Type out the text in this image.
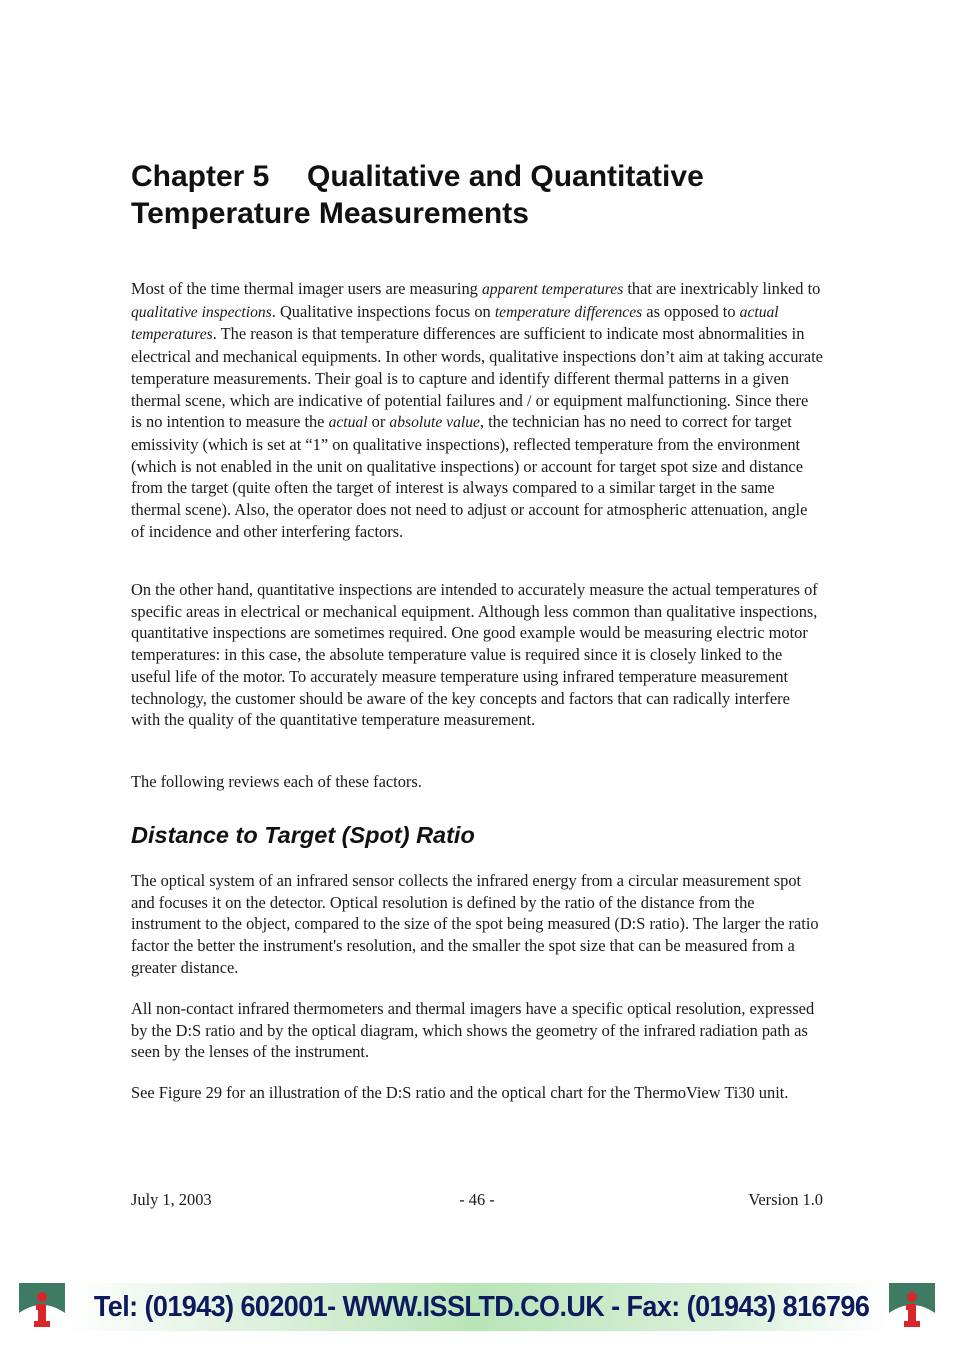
Chapter 5 Qualitative and Quantitative
Temperature Measurements

Most of the time thermal imager users are measuring apparent temperatures that are inextricably linked to qualitative inspections. Qualitative inspections focus on temperature differences as opposed to actual temperatures. The reason is that temperature differences are sufficient to indicate most abnormalities in electrical and mechanical equipments. In other words, qualitative inspections don’t aim at taking accurate temperature measurements. Their goal is to capture and identify different thermal patterns in a given thermal scene, which are indicative of potential failures and / or equipment malfunctioning. Since there is no intention to measure the actual or absolute value, the technician has no need to correct for target emissivity (which is set at “1” on qualitative inspections), reflected temperature from the environment (which is not enabled in the unit on qualitative inspections) or account for target spot size and distance from the target (quite often the target of interest is always compared to a similar target in the same thermal scene). Also, the operator does not need to adjust or account for atmospheric attenuation, angle of incidence and other interfering factors.

On the other hand, quantitative inspections are intended to accurately measure the actual temperatures of specific areas in electrical or mechanical equipment. Although less common than qualitative inspections, quantitative inspections are sometimes required. One good example would be measuring electric motor temperatures: in this case, the absolute temperature value is required since it is closely linked to the useful life of the motor. To accurately measure temperature using infrared temperature measurement technology, the customer should be aware of the key concepts and factors that can radically interfere with the quality of the quantitative temperature measurement.

The following reviews each of these factors.

Distance to Target (Spot) Ratio

The optical system of an infrared sensor collects the infrared energy from a circular measurement spot and focuses it on the detector. Optical resolution is defined by the ratio of the distance from the instrument to the object, compared to the size of the spot being measured (D:S ratio). The larger the ratio factor the better the instrument's resolution, and the smaller the spot size that can be measured from a greater distance.

All non-contact infrared thermometers and thermal imagers have a specific optical resolution, expressed by the D:S ratio and by the optical diagram, which shows the geometry of the infrared radiation path as seen by the lenses of the instrument.

See Figure 29 for an illustration of the D:S ratio and the optical chart for the ThermoView Ti30 unit.

July 1, 2003	- 46 -	Version 1.0
Tel: (01943) 602001- WWW.ISSLTD.CO.UK - Fax: (01943) 816796
